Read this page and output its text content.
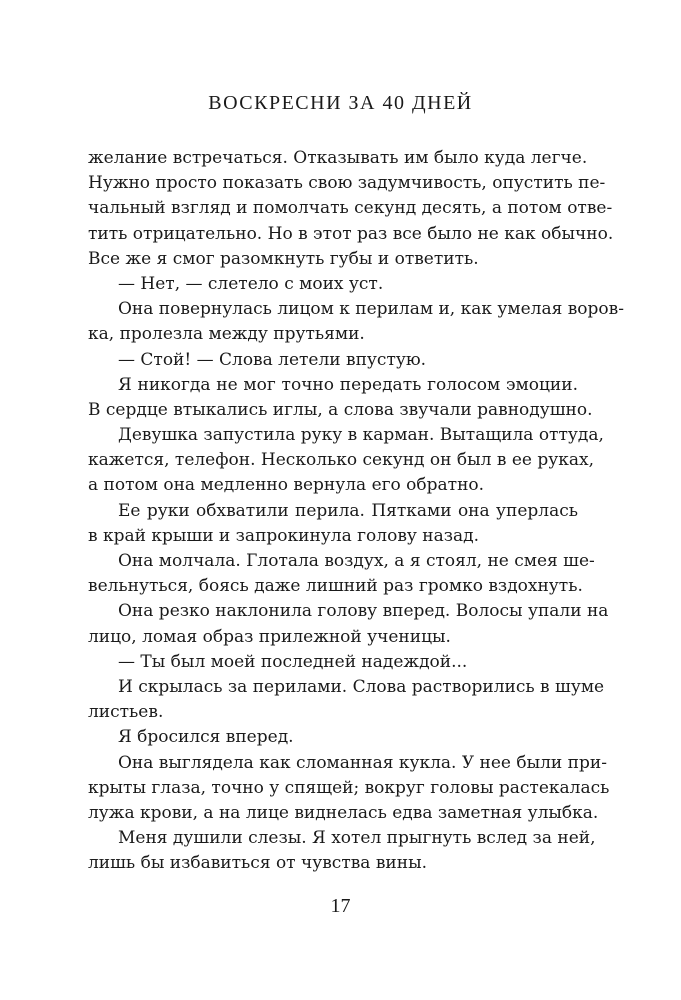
ВОСКРЕСНИ ЗА 40 ДНЕЙ
желание встречаться. Отказывать им было куда легче.
Нужно просто показать свою задумчивость, опустить пе-
чальный взгляд и помолчать секунд десять, а потом отве-
тить отрицательно. Но в этот раз все было не как обычно.
Все же я смог разомкнуть губы и ответить.
— Нет, — слетело с моих уст.
Она повернулась лицом к перилам и, как умелая воров-
ка, пролезла между прутьями.
— Стой! — Слова летели впустую.
Я никогда не мог точно передать голосом эмоции.
В сердце втыкались иглы, а слова звучали равнодушно.
Девушка запустила руку в карман. Вытащила оттуда,
кажется, телефон. Несколько секунд он был в ее руках,
а потом она медленно вернула его обратно.
Ее руки обхватили перила. Пятками она уперлась
в край крыши и запрокинула голову назад.
Она молчала. Глотала воздух, а я стоял, не смея ше-
вельнуться, боясь даже лишний раз громко вздохнуть.
Она резко наклонила голову вперед. Волосы упали на
лицо, ломая образ прилежной ученицы.
— Ты был моей последней надеждой...
И скрылась за перилами. Слова растворились в шуме
листьев.
Я бросился вперед.
Она выглядела как сломанная кукла. У нее были при-
крыты глаза, точно у спящей; вокруг головы растекалась
лужа крови, а на лице виднелась едва заметная улыбка.
Меня душили слезы. Я хотел прыгнуть вслед за ней,
лишь бы избавиться от чувства вины.
17
